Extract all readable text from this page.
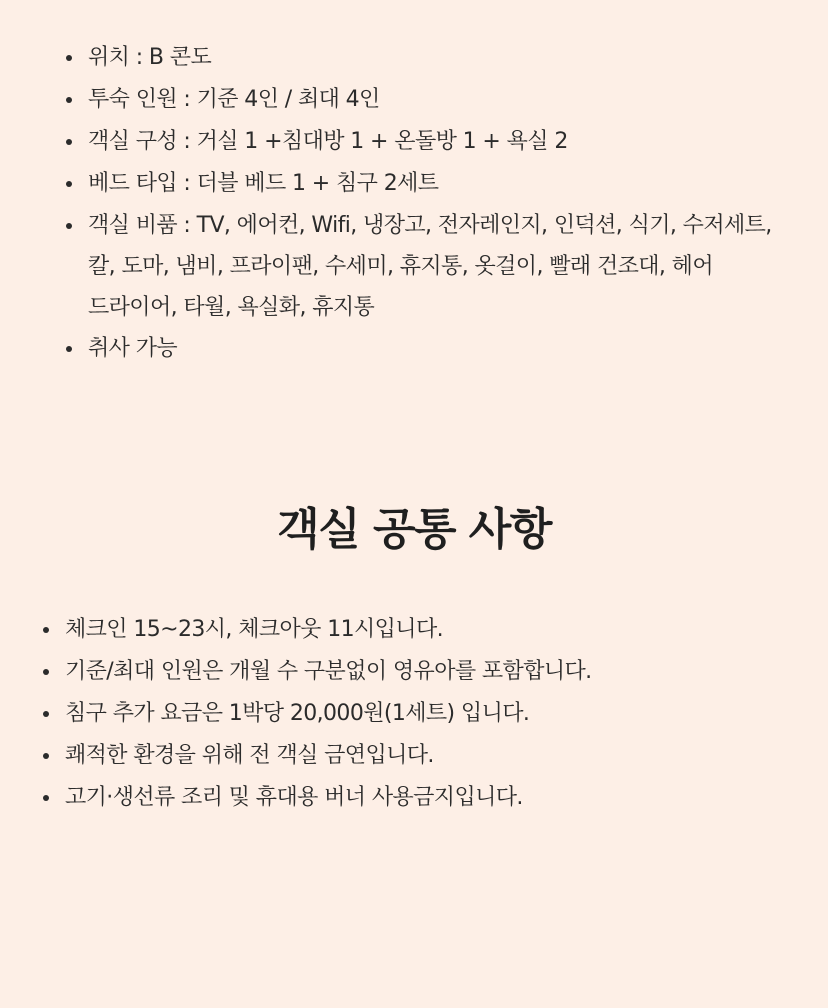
위치 : B 콘도
투숙 인원 : 기준 4인 / 최대 4인
객실 구성 : 거실 1 +침대방 1 + 온돌방 1 + 욕실 2
베드 타입 : 더블 베드 1 + 침구 2세트
객실 비품 : TV, 에어컨, Wifi, 냉장고, 전자레인지, 인덕션, 식기, 수저세트, 칼, 도마, 냄비, 프라이팬, 수세미, 휴지통, 옷걸이, 빨래 건조대, 헤어 드라이어, 타월, 욕실화, 휴지통
취사 가능
객실 공통 사항
체크인 15~23시, 체크아웃 11시입니다.
기준/최대 인원은 개월 수 구분없이 영유아를 포함합니다.
침구 추가 요금은 1박당 20,000원(1세트) 입니다.
쾌적한 환경을 위해 전 객실 금연입니다.
고기·생선류 조리 및 휴대용 버너 사용금지입니다.
